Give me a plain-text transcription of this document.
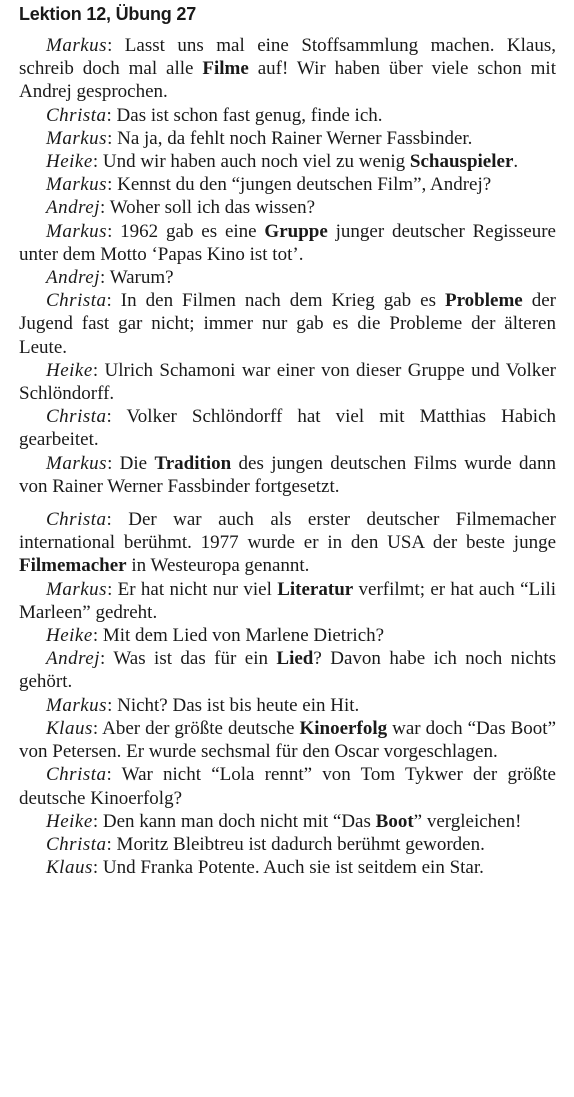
Lektion 12, Übung 27

Markus: Lasst uns mal eine Stoffsammlung machen. Klaus, schreib doch mal alle Filme auf! Wir haben über viele schon mit Andrej gesprochen.

Christa: Das ist schon fast genug, finde ich.

Markus: Na ja, da fehlt noch Rainer Werner Fassbinder.

Heike: Und wir haben auch noch viel zu wenig Schauspieler.

Markus: Kennst du den “jungen deutschen Film”, Andrej?

Andrej: Woher soll ich das wissen?

Markus: 1962 gab es eine Gruppe junger deutscher Regisseure unter dem Motto ‘Papas Kino ist tot’.

Andrej: Warum?

Christa: In den Filmen nach dem Krieg gab es Probleme der Jugend fast gar nicht; immer nur gab es die Probleme der älteren Leute.

Heike: Ulrich Schamoni war einer von dieser Gruppe und Volker Schlöndorff.

Christa: Volker Schlöndorff hat viel mit Matthias Habich gearbeitet.

Markus: Die Tradition des jungen deutschen Films wurde dann von Rainer Werner Fassbinder fortgesetzt.

Christa: Der war auch als erster deutscher Filmemacher international berühmt. 1977 wurde er in den USA der beste junge Filmemacher in Westeuropa genannt.

Markus: Er hat nicht nur viel Literatur verfilmt; er hat auch “Lili Marleen” gedreht.

Heike: Mit dem Lied von Marlene Dietrich?

Andrej: Was ist das für ein Lied? Davon habe ich noch nichts gehört.

Markus: Nicht? Das ist bis heute ein Hit.

Klaus: Aber der größte deutsche Kinoerfolg war doch “Das Boot” von Petersen. Er wurde sechsmal für den Oscar vorgeschlagen.

Christa: War nicht “Lola rennt” von Tom Tykwer der größte deutsche Kinoerfolg?

Heike: Den kann man doch nicht mit “Das Boot” vergleichen!

Christa: Moritz Bleibtreu ist dadurch berühmt geworden.

Klaus: Und Franka Potente. Auch sie ist seitdem ein Star.
